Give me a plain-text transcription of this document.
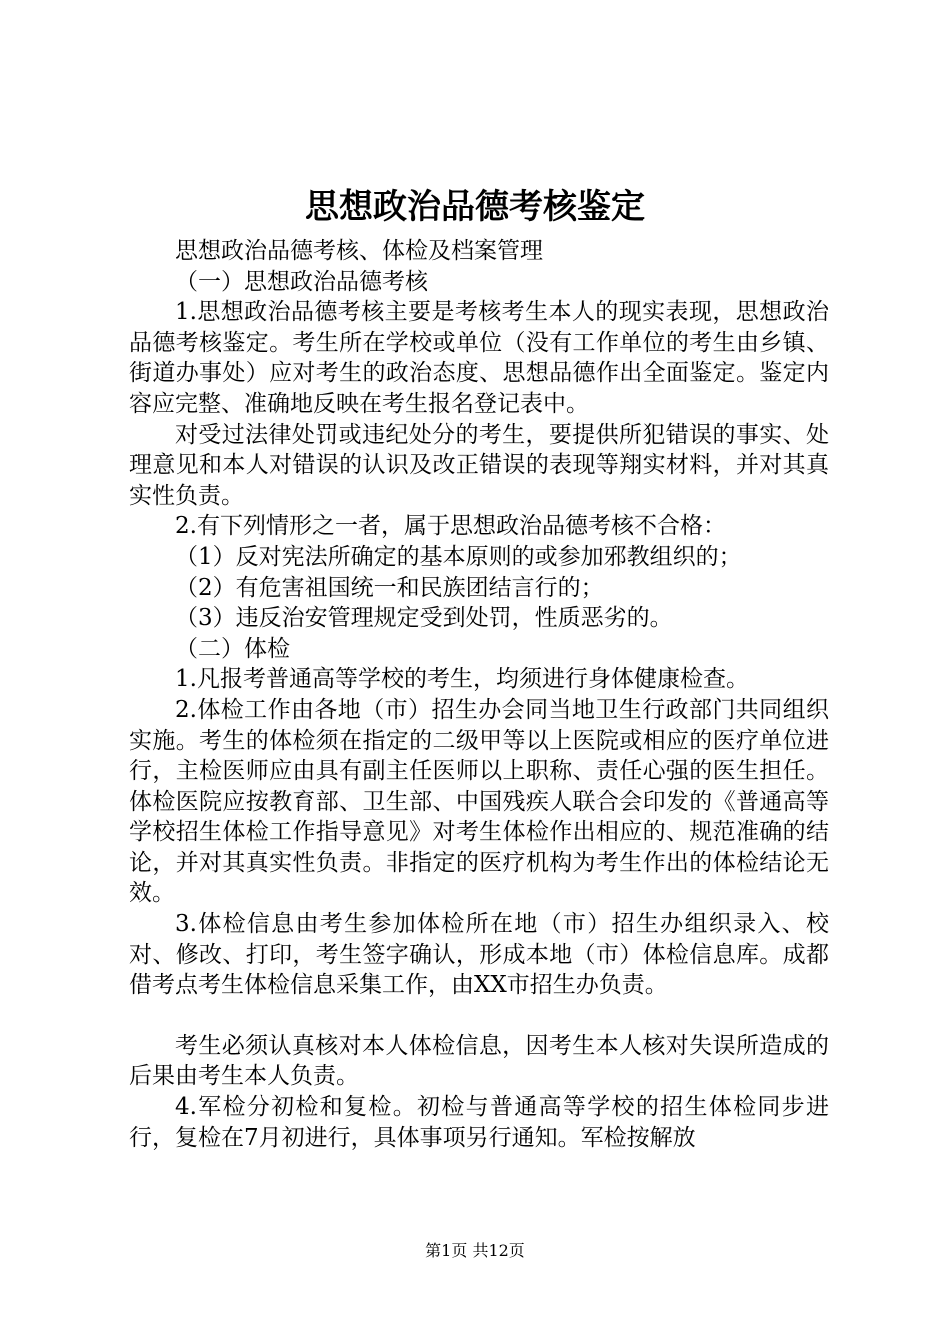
思想政治品德考核鉴定

思想政治品德考核、体检及档案管理

（一）思想政治品德考核

1.思想政治品德考核主要是考核考生本人的现实表现，思想政治品德考核鉴定。考生所在学校或单位（没有工作单位的考生由乡镇、街道办事处）应对考生的政治态度、思想品德作出全面鉴定。鉴定内容应完整、准确地反映在考生报名登记表中。

对受过法律处罚或违纪处分的考生，要提供所犯错误的事实、处理意见和本人对错误的认识及改正错误的表现等翔实材料，并对其真实性负责。

2.有下列情形之一者，属于思想政治品德考核不合格：

（1）反对宪法所确定的基本原则的或参加邪教组织的；

（2）有危害祖国统一和民族团结言行的；

（3）违反治安管理规定受到处罚，性质恶劣的。

（二）体检

1.凡报考普通高等学校的考生，均须进行身体健康检查。

2.体检工作由各地（市）招生办会同当地卫生行政部门共同组织实施。考生的体检须在指定的二级甲等以上医院或相应的医疗单位进行，主检医师应由具有副主任医师以上职称、责任心强的医生担任。体检医院应按教育部、卫生部、中国残疾人联合会印发的《普通高等学校招生体检工作指导意见》对考生体检作出相应的、规范准确的结论，并对其真实性负责。非指定的医疗机构为考生作出的体检结论无效。

3.体检信息由考生参加体检所在地（市）招生办组织录入、校对、修改、打印，考生签字确认，形成本地（市）体检信息库。成都借考点考生体检信息采集工作，由XX市招生办负责。

考生必须认真核对本人体检信息，因考生本人核对失误所造成的后果由考生本人负责。

4.军检分初检和复检。初检与普通高等学校的招生体检同步进行，复检在7月初进行，具体事项另行通知。军检按解放

第1页 共12页
